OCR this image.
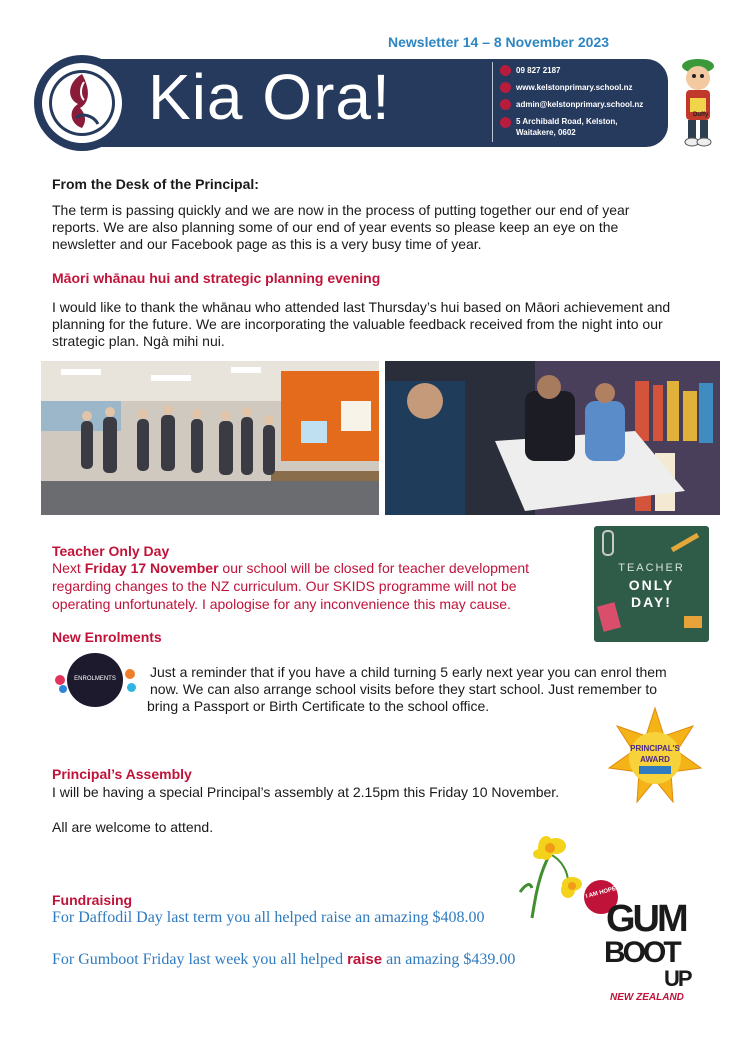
Newsletter 14 – 8 November 2023
Kia Ora!	09 827 2187
www.kelstonprimary.school.nz
admin@kelstonprimary.school.nz
5 Archibald Road, Kelston,
Waitakere, 0602
Duffy
From the Desk of the Principal:
The term is passing quickly and we are now in the process of putting together our end of year
reports. We are also planning some of our end of year events so please keep an eye on the
newsletter and our Facebook page as this is a very busy time of year.
Māori whānau hui and strategic planning evening
I would like to thank the whānau who attended last Thursday’s hui based on Māori achievement and
planning for the future. We are incorporating the valuable feedback received from the night into our
strategic plan. Ngà mihi nui.
Teacher Only Day
Next Friday 17 November our school will be closed for teacher development
regarding changes to the NZ curriculum. Our SKIDS programme will not be
operating unfortunately. I apologise for any inconvenience this may cause.
TEACHER
ONLY
DAY!
New Enrolments
ENROLMENTS	Just a reminder that if you have a child turning 5 early next year you can enrol them
now. We can also arrange school visits before they start school. Just remember to
bring a Passport or Birth Certificate to the school office.
PRINCIPAL'S
AWARD
Principal’s Assembly
I will be having a special Principal’s assembly at 2.15pm this Friday 10 November.
All are welcome to attend.
Fundraising
For Daffodil Day last term you all helped raise an amazing $408.00
For Gumboot Friday last week you all helped raise an amazing $439.00
I AM HOPE
GUM
BOOT
UP
NEW ZEALAND
